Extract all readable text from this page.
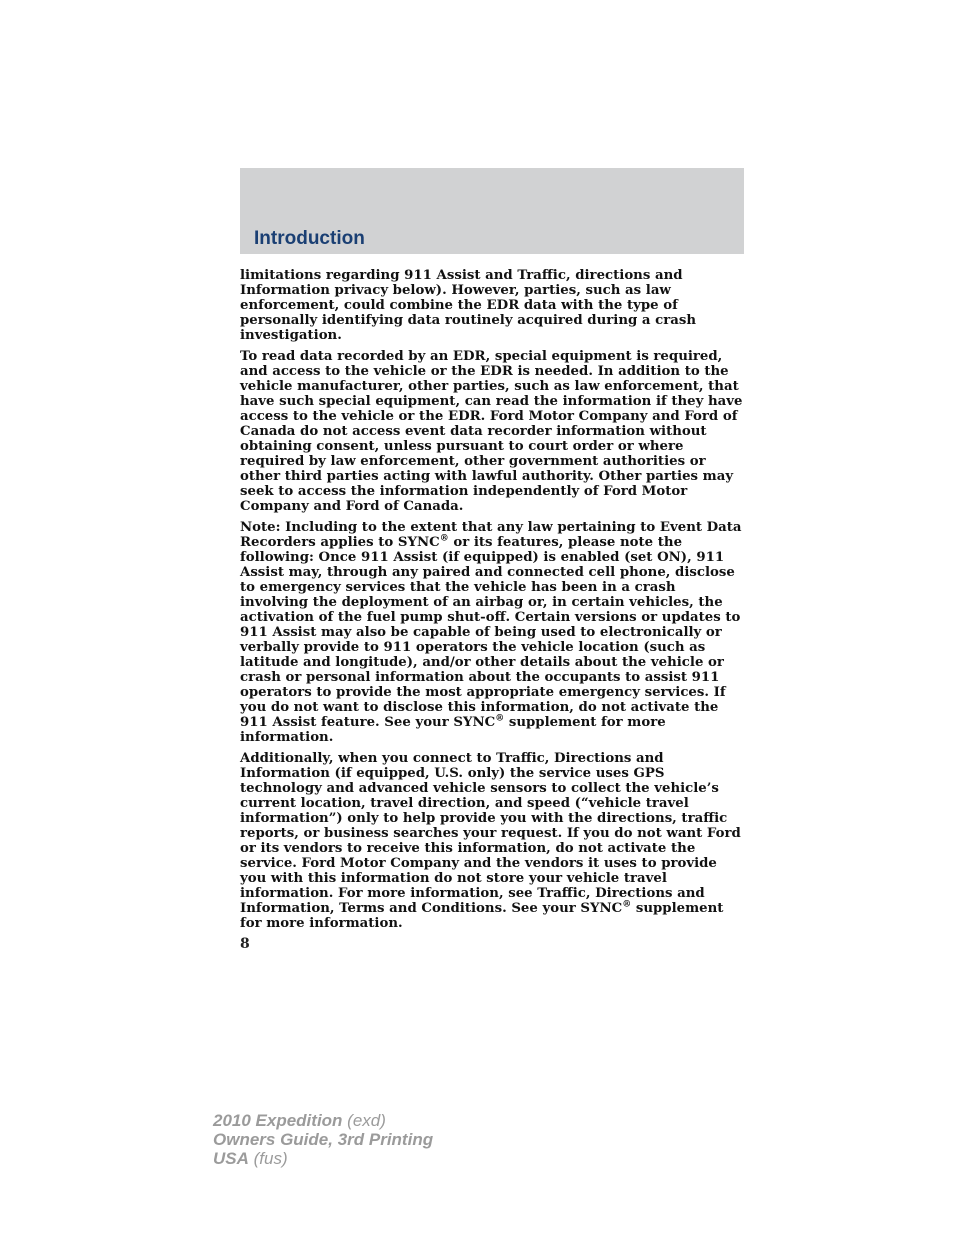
Introduction

limitations regarding 911 Assist and Traffic, directions and Information privacy below). However, parties, such as law enforcement, could combine the EDR data with the type of personally identifying data routinely acquired during a crash investigation.

To read data recorded by an EDR, special equipment is required, and access to the vehicle or the EDR is needed. In addition to the vehicle manufacturer, other parties, such as law enforcement, that have such special equipment, can read the information if they have access to the vehicle or the EDR. Ford Motor Company and Ford of Canada do not access event data recorder information without obtaining consent, unless pursuant to court order or where required by law enforcement, other government authorities or other third parties acting with lawful authority. Other parties may seek to access the information independently of Ford Motor Company and Ford of Canada.

Note: Including to the extent that any law pertaining to Event Data Recorders applies to SYNC® or its features, please note the following: Once 911 Assist (if equipped) is enabled (set ON), 911 Assist may, through any paired and connected cell phone, disclose to emergency services that the vehicle has been in a crash involving the deployment of an airbag or, in certain vehicles, the activation of the fuel pump shut-off. Certain versions or updates to 911 Assist may also be capable of being used to electronically or verbally provide to 911 operators the vehicle location (such as latitude and longitude), and/or other details about the vehicle or crash or personal information about the occupants to assist 911 operators to provide the most appropriate emergency services. If you do not want to disclose this information, do not activate the 911 Assist feature. See your SYNC® supplement for more information.

Additionally, when you connect to Traffic, Directions and Information (if equipped, U.S. only) the service uses GPS technology and advanced vehicle sensors to collect the vehicle’s current location, travel direction, and speed (“vehicle travel information”) only to help provide you with the directions, traffic reports, or business searches your request. If you do not want Ford or its vendors to receive this information, do not activate the service. Ford Motor Company and the vendors it uses to provide you with this information do not store your vehicle travel information. For more information, see Traffic, Directions and Information, Terms and Conditions. See your SYNC® supplement for more information.

8
2010 Expedition (exd)
Owners Guide, 3rd Printing
USA (fus)
